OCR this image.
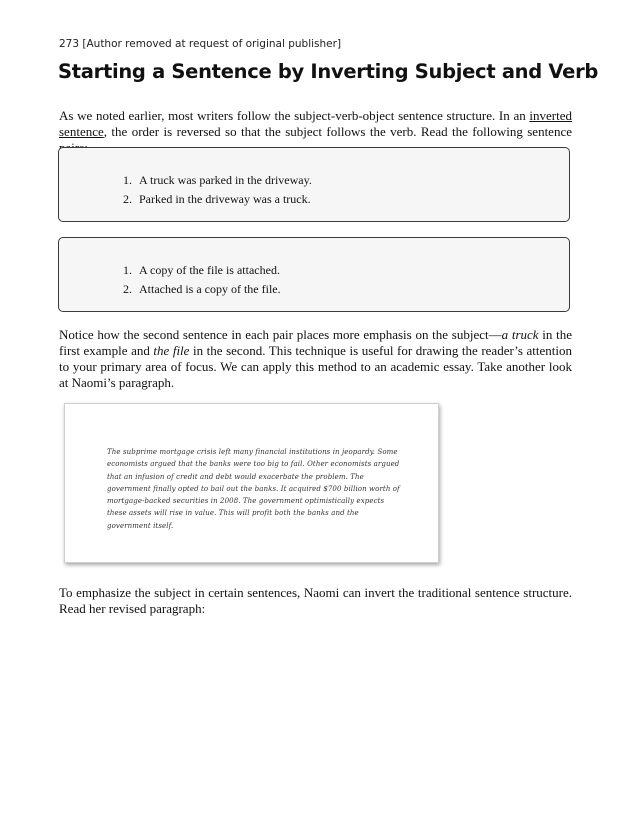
273 [Author removed at request of original publisher]
Starting a Sentence by Inverting Subject and Verb

As we noted earlier, most writers follow the subject-verb-object sentence structure. In an inverted sentence, the order is reversed so that the subject follows the verb. Read the following sentence

1. A truck was parked in the driveway.
2. Parked in the driveway was a truck.
1. A copy of the file is attached.
2. Attached is a copy of the file.

Notice how the second sentence in each pair places more emphasis on the subject—a truck in the first example and the file in the second. This technique is useful for drawing the reader’s attention to your primary area of focus. We can apply this method to an academic essay. Take another look at Naomi’s paragraph.

The subprime mortgage crisis left many financial institutions in jeopardy. Some economists argued that the banks were too big to fail. Other economists argued that an infusion of credit and debt would exacerbate the problem. The government finally opted to bail out the banks. It acquired $700 billion worth of mortgage-backed securities in 2008. The government optimistically expects these assets will rise in value. This will profit both the banks and the government itself.

To emphasize the subject in certain sentences, Naomi can invert the traditional sentence structure. Read her revised paragraph:
